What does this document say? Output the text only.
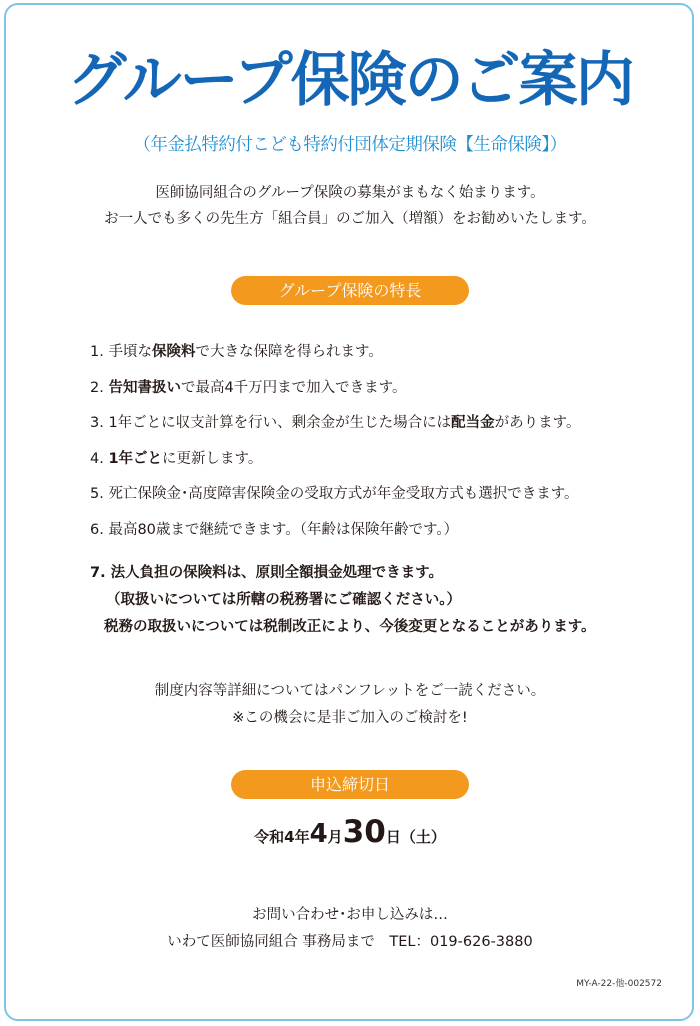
グループ保険のご案内
（年金払特約付こども特約付団体定期保険【生命保険】）
医師協同組合のグループ保険の募集がまもなく始まります。
お一人でも多くの先生方「組合員」のご加入（増額）をお勧めいたします。
グループ保険の特長
1. 手頃な保険料で大きな保障を得られます。
2. 告知書扱いで最高4千万円まで加入できます。
3. 1年ごとに収支計算を行い、剰余金が生じた場合には配当金があります。
4. 1年ごとに更新します。
5. 死亡保険金･高度障害保険金の受取方式が年金受取方式も選択できます。
6. 最高80歳まで継続できます。（年齢は保険年齢です。）
7. 法人負担の保険料は、原則全額損金処理できます。
（取扱いについては所轄の税務署にご確認ください。）
税務の取扱いについては税制改正により、今後変更となることがあります。
制度内容等詳細についてはパンフレットをご一読ください。
※この機会に是非ご加入のご検討を!
申込締切日
令和4年4月30日（土）
お問い合わせ･お申し込みは…
いわて医師協同組合 事務局まで　TEL：019-626-3880
MY-A-22-他-002572
